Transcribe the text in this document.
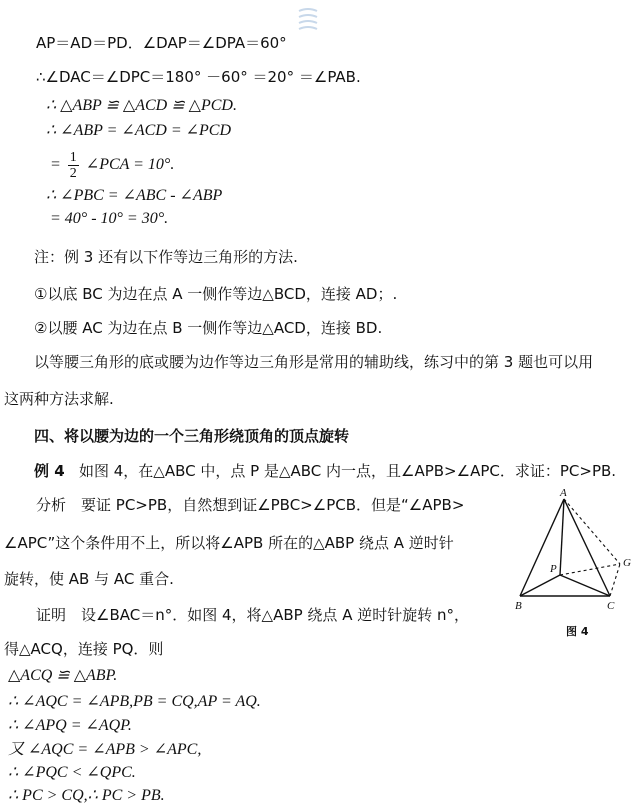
AP＝AD＝PD．∠DAP＝∠DPA＝60°
∴∠DAC＝∠DPC＝180° －60° ＝20° ＝∠PAB.
∴ △ABP ≌ △ACD ≌ △PCD.
∴ ∠ABP = ∠ACD = ∠PCD
= $\frac{1}{2}$ ∠PCA = 10°.
∴ ∠PBC = ∠ABC - ∠ABP
= 40° - 10° = 30°.
注：例 3 还有以下作等边三角形的方法.
①以底 BC 为边在点 A 一侧作等边△BCD，连接 AD；.
②以腰 AC 为边在点 B 一侧作等边△ACD，连接 BD.
以等腰三角形的底或腰为边作等边三角形是常用的辅助线，练习中的第 3 题也可以用
这两种方法求解.
四、将以腰为边的一个三角形绕顶角的顶点旋转
例 4 如图 4，在△ABC 中，点 P 是△ABC 内一点，且∠APB>∠APC．求证：PC>PB.
分析　要证 PC>PB，自然想到证∠PBC>∠PCB．但是“∠APB>
∠APC”这个条件用不上，所以将∠APB 所在的△ABP 绕点 A 逆时针
旋转，使 AB 与 AC 重合.
证明　设∠BAC＝n°．如图 4，将△ABP 绕点 A 逆时针旋转 n°，
得△ACQ，连接 PQ．则
△ACQ ≌ △ABP.
∴ ∠AQC = ∠APB,PB = CQ,AP = AQ.
∴ ∠APQ = ∠AQP.
又 ∠AQC = ∠APB > ∠APC,
∴ ∠PQC < ∠QPC.
∴ PC > CQ,∴ PC > PB.
A
B	C
P	G
图 4
